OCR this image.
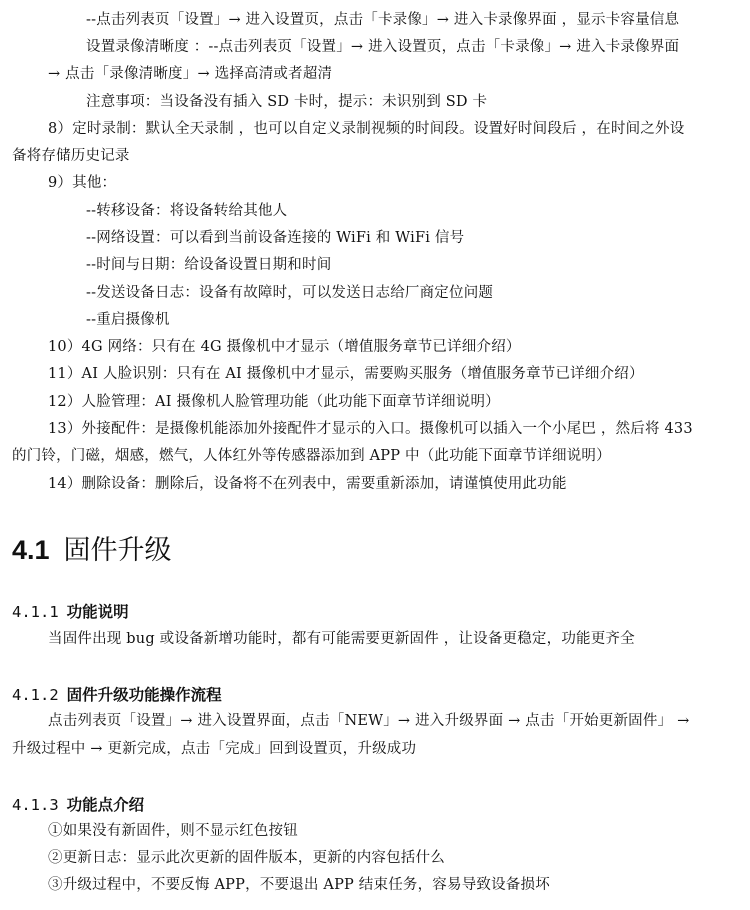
--点击列表页「设置」→ 进入设置页，点击「卡录像」→ 进入卡录像界面 ，显示卡容量信息
设置录像清晰度 ：--点击列表页「设置」→ 进入设置页，点击「卡录像」→ 进入卡录像界面
→ 点击「录像清晰度」→ 选择高清或者超清
注意事项：当设备没有插入 SD 卡时，提示：未识别到 SD 卡
8）定时录制：默认全天录制 ，也可以自定义录制视频的时间段。设置好时间段后 ，在时间之外设
备将存储历史记录
9）其他：
--转移设备：将设备转给其他人
--网络设置：可以看到当前设备连接的 WiFi 和 WiFi 信号
--时间与日期：给设备设置日期和时间
--发送设备日志：设备有故障时，可以发送日志给厂商定位问题
--重启摄像机
10）4G 网络：只有在 4G 摄像机中才显示（增值服务章节已详细介绍）
11）AI 人脸识别：只有在 AI 摄像机中才显示，需要购买服务（增值服务章节已详细介绍）
12）人脸管理：AI 摄像机人脸管理功能（此功能下面章节详细说明）
13）外接配件：是摄像机能添加外接配件才显示的入口。摄像机可以插入一个小尾巴 ，然后将 433
的门铃，门磁，烟感，燃气，人体红外等传感器添加到 APP 中（此功能下面章节详细说明）
14）删除设备：删除后，设备将不在列表中，需要重新添加，请谨慎使用此功能
4.1 固件升级
4.1.1 功能说明
当固件出现 bug 或设备新增功能时，都有可能需要更新固件 ，让设备更稳定，功能更齐全
4.1.2 固件升级功能操作流程
点击列表页「设置」→ 进入设置界面，点击「NEW」→ 进入升级界面 → 点击「开始更新固件」 →
升级过程中 → 更新完成，点击「完成」回到设置页，升级成功
4.1.3 功能点介绍
①如果没有新固件，则不显示红色按钮
②更新日志：显示此次更新的固件版本，更新的内容包括什么
③升级过程中，不要反悔 APP，不要退出 APP 结束任务，容易导致设备损坏
